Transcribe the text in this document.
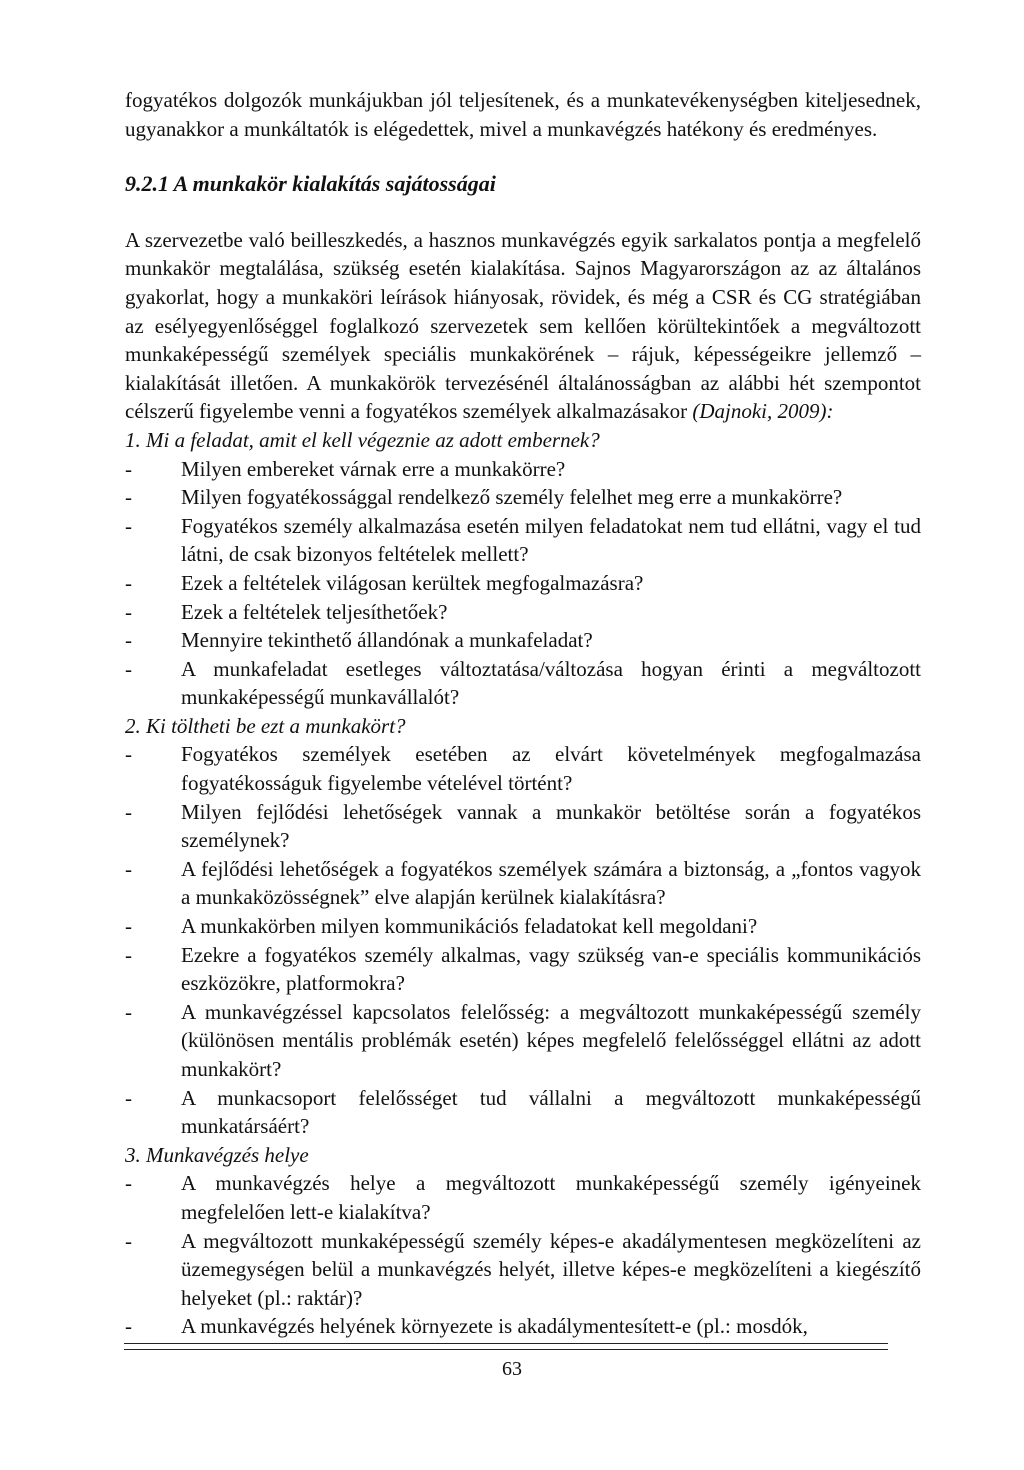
fogyatékos dolgozók munkájukban jól teljesítenek, és a munkatevékenységben kiteljesednek, ugyanakkor a munkáltatók is elégedettek, mivel a munkavégzés hatékony és eredményes.

9.2.1 A munkakör kialakítás sajátosságai

A szervezetbe való beilleszkedés, a hasznos munkavégzés egyik sarkalatos pontja a megfelelő munkakör megtalálása, szükség esetén kialakítása. Sajnos Magyarországon az az általános gyakorlat, hogy a munkaköri leírások hiányosak, rövidek, és még a CSR és CG stratégiában az esélyegyenlőséggel foglalkozó szervezetek sem kellően körültekintőek a megváltozott munkaképességű személyek speciális munkakörének – rájuk, képességeikre jellemző – kialakítását illetően. A munkakörök tervezésénél általánosságban az alábbi hét szempontot célszerű figyelembe venni a fogyatékos személyek alkalmazásakor (Dajnoki, 2009):

1. Mi a feladat, amit el kell végeznie az adott embernek?

- Milyen embereket várnak erre a munkakörre?
- Milyen fogyatékossággal rendelkező személy felelhet meg erre a munkakörre?
- Fogyatékos személy alkalmazása esetén milyen feladatokat nem tud ellátni, vagy el tud látni, de csak bizonyos feltételek mellett?
- Ezek a feltételek világosan kerültek megfogalmazásra?
- Ezek a feltételek teljesíthetőek?
- Mennyire tekinthető állandónak a munkafeladat?
- A munkafeladat esetleges változtatása/változása hogyan érinti a megváltozott munkaképességű munkavállalót?

2. Ki töltheti be ezt a munkakört?

- Fogyatékos személyek esetében az elvárt követelmények megfogalmazása fogyatékosságuk figyelembe vételével történt?
- Milyen fejlődési lehetőségek vannak a munkakör betöltése során a fogyatékos személynek?
- A fejlődési lehetőségek a fogyatékos személyek számára a biztonság, a „fontos vagyok a munkaközösségnek” elve alapján kerülnek kialakításra?
- A munkakörben milyen kommunikációs feladatokat kell megoldani?
- Ezekre a fogyatékos személy alkalmas, vagy szükség van-e speciális kommunikációs eszközökre, platformokra?
- A munkavégzéssel kapcsolatos felelősség: a megváltozott munkaképességű személy (különösen mentális problémák esetén) képes megfelelő felelősséggel ellátni az adott munkakört?
- A munkacsoport felelősséget tud vállalni a megváltozott munkaképességű munkatársáért?

3. Munkavégzés helye

- A munkavégzés helye a megváltozott munkaképességű személy igényeinek megfelelően lett-e kialakítva?
- A megváltozott munkaképességű személy képes-e akadálymentesen megközelíteni az üzemegységen belül a munkavégzés helyét, illetve képes-e megközelíteni a kiegészítő helyeket (pl.: raktár)?
- A munkavégzés helyének környezete is akadálymentesített-e (pl.: mosdók,
63
